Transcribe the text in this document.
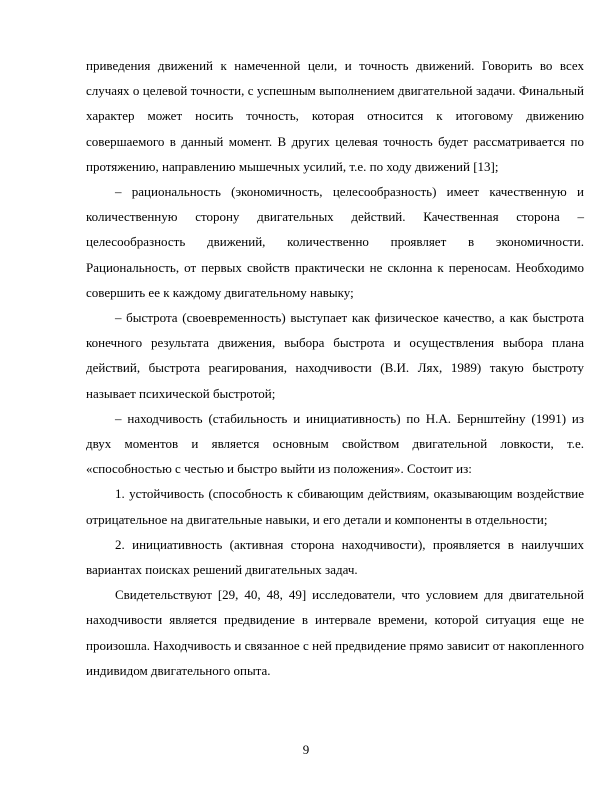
приведения движений к намеченной цели, и точность движений. Говорить во всех случаях о целевой точности, с успешным выполнением двигательной задачи. Финальный характер может носить точность, которая относится к итоговому движению совершаемого в данный момент. В других целевая точность будет рассматривается по протяжению, направлению мышечных усилий, т.е. по ходу движений [13];

– рациональность (экономичность, целесообразность) имеет качественную и количественную сторону двигательных действий. Качественная сторона – целесообразность движений, количественно проявляет в экономичности. Рациональность, от первых свойств практически не склонна к переносам. Необходимо совершить ее к каждому двигательному навыку;

– быстрота (своевременность) выступает как физическое качество, а как быстрота конечного результата движения, выбора быстрота и осуществления выбора плана действий, быстрота реагирования, находчивости (В.И. Лях, 1989) такую быстроту называет психической быстротой;

– находчивость (стабильность и инициативность) по Н.А. Бернштейну (1991) из двух моментов и является основным свойством двигательной ловкости, т.е. «способностью с честью и быстро выйти из положения». Состоит из:

1. устойчивость (способность к сбивающим действиям, оказывающим воздействие отрицательное на двигательные навыки, и его детали и компоненты в отдельности;

2. инициативность (активная сторона находчивости), проявляется в наилучших вариантах поисках решений двигательных задач.

Свидетельствуют [29, 40, 48, 49] исследователи, что условием для двигательной находчивости является предвидение в интервале времени, которой ситуация еще не произошла. Находчивость и связанное с ней предвидение прямо зависит от накопленного индивидом двигательного опыта.

9
